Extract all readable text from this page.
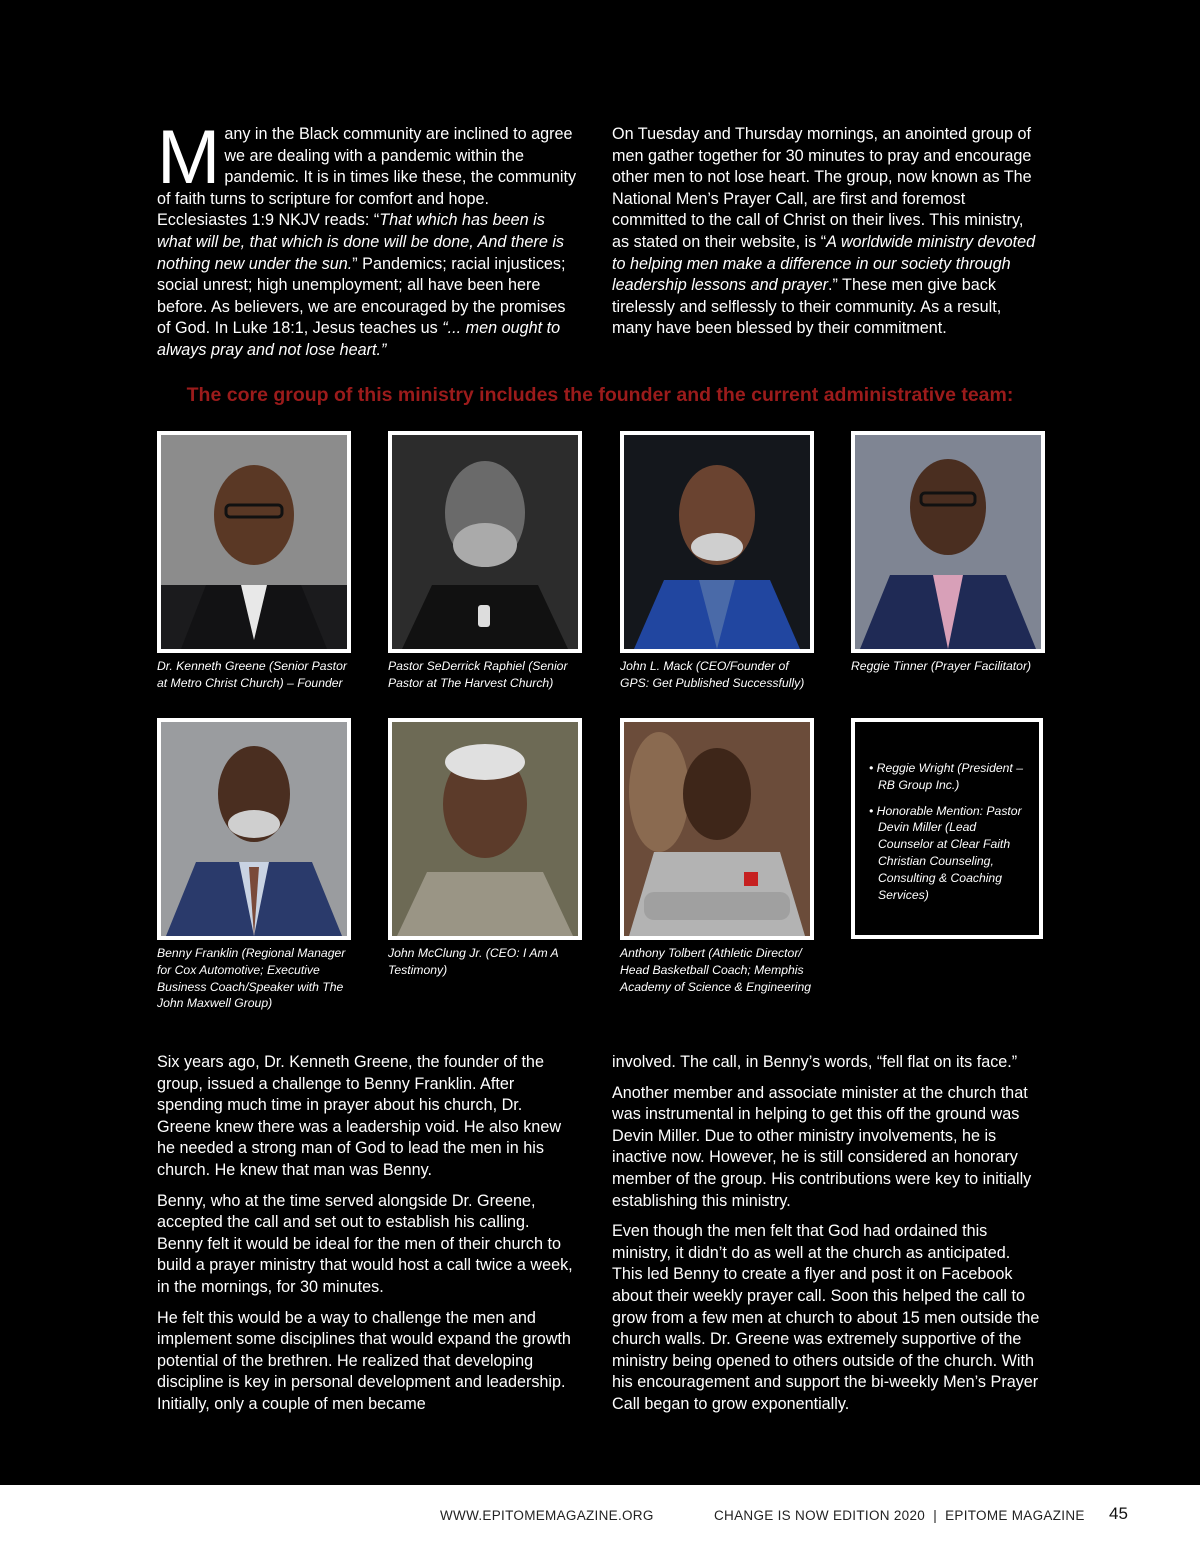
Many in the Black community are inclined to agree we are dealing with a pandemic within the pandemic. It is in times like these, the community of faith turns to scripture for comfort and hope. Ecclesiastes 1:9 NKJV reads: “That which has been is what will be, that which is done will be done, And there is nothing new under the sun.” Pandemics; racial injustices; social unrest; high unemployment; all have been here before. As believers, we are encouraged by the promises of God. In Luke 18:1, Jesus teaches us “... men ought to always pray and not lose heart.”

On Tuesday and Thursday mornings, an anointed group of men gather together for 30 minutes to pray and encourage other men to not lose heart. The group, now known as The National Men’s Prayer Call, are first and foremost committed to the call of Christ on their lives. This ministry, as stated on their website, is “A worldwide ministry devoted to helping men make a difference in our society through leadership lessons and prayer.” These men give back tirelessly and selflessly to their community. As a result, many have been blessed by their commitment.

The core group of this ministry includes the founder and the current administrative team:
Dr. Kenneth Greene (Senior Pastor at Metro Christ Church) – Founder
Pastor SeDerrick Raphiel (Senior Pastor at The Harvest Church)
John L. Mack (CEO/Founder of GPS: Get Published Successfully)
Reggie Tinner (Prayer Facilitator)
• Reggie Wright (President – RB Group Inc.)
• Honorable Mention: Pastor Devin Miller (Lead Counselor at Clear Faith Christian Counseling, Consulting & Coaching Services)
Benny Franklin (Regional Manager for Cox Automotive; Executive Business Coach/Speaker with The John Maxwell Group)
John McClung Jr. (CEO: I Am A Testimony)
Anthony Tolbert (Athletic Director/ Head Basketball Coach; Memphis Academy of Science & Engineering

Six years ago, Dr. Kenneth Greene, the founder of the group, issued a challenge to Benny Franklin. After spending much time in prayer about his church, Dr. Greene knew there was a leadership void. He also knew he needed a strong man of God to lead the men in his church. He knew that man was Benny.

Benny, who at the time served alongside Dr. Greene, accepted the call and set out to establish his calling. Benny felt it would be ideal for the men of their church to build a prayer ministry that would host a call twice a week, in the mornings, for 30 minutes.

He felt this would be a way to challenge the men and implement some disciplines that would expand the growth potential of the brethren. He realized that developing discipline is key in personal development and leadership. Initially, only a couple of men became

involved. The call, in Benny’s words, “fell flat on its face.”

Another member and associate minister at the church that was instrumental in helping to get this off the ground was Devin Miller. Due to other ministry involvements, he is inactive now. However, he is still considered an honorary member of the group. His contributions were key to initially establishing this ministry.

Even though the men felt that God had ordained this ministry, it didn’t do as well at the church as anticipated. This led Benny to create a flyer and post it on Facebook about their weekly prayer call. Soon this helped the call to grow from a few men at church to about 15 men outside the church walls. Dr. Greene was extremely supportive of the ministry being opened to others outside of the church. With his encouragement and support the bi-weekly Men’s Prayer Call began to grow exponentially.

WWW.EPITOMEMAGAZINE.ORG	CHANGE IS NOW EDITION 2020  |  EPITOME MAGAZINE 45
